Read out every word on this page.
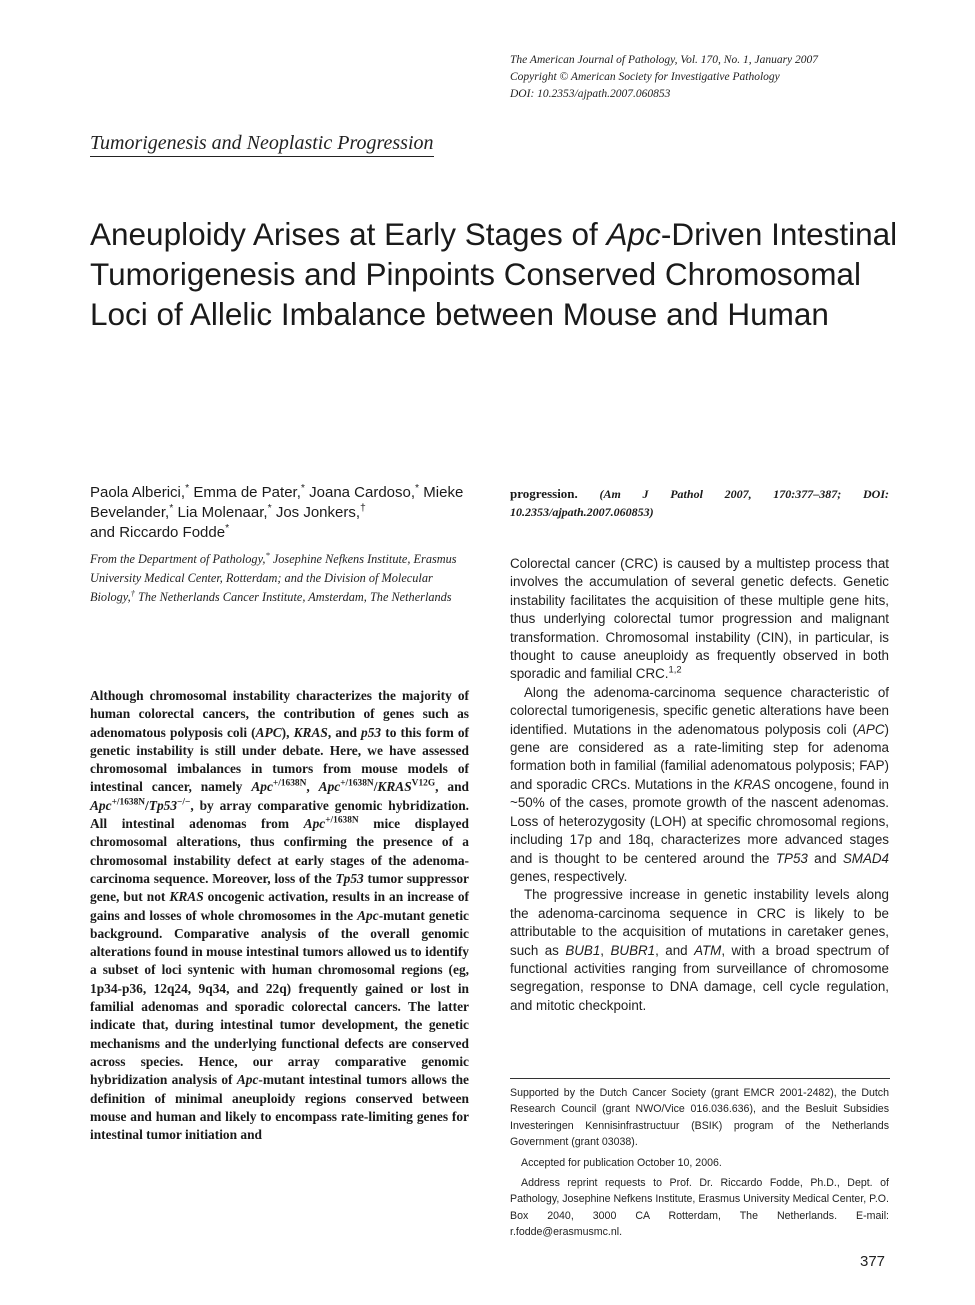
The American Journal of Pathology, Vol. 170, No. 1, January 2007
Copyright © American Society for Investigative Pathology
DOI: 10.2353/ajpath.2007.060853
Tumorigenesis and Neoplastic Progression
Aneuploidy Arises at Early Stages of Apc-Driven Intestinal Tumorigenesis and Pinpoints Conserved Chromosomal Loci of Allelic Imbalance between Mouse and Human
Paola Alberici,* Emma de Pater,* Joana Cardoso,* Mieke Bevelander,* Lia Molenaar,* Jos Jonkers,†
and Riccardo Fodde*
From the Department of Pathology,* Josephine Nefkens Institute, Erasmus University Medical Center, Rotterdam; and the Division of Molecular Biology,† The Netherlands Cancer Institute, Amsterdam, The Netherlands
Although chromosomal instability characterizes the majority of human colorectal cancers, the contribution of genes such as adenomatous polyposis coli (APC), KRAS, and p53 to this form of genetic instability is still under debate. Here, we have assessed chromosomal imbalances in tumors from mouse models of intestinal cancer, namely Apc$^{+/1638N}$, $Apc^{+/1638N}/KRAS^{V12G}$, and Apc$^{+/1638N}$/Tp53−/−, by array comparative genomic hybridization. All intestinal adenomas from Apc$^{+/1638N}$ mice displayed chromosomal alterations, thus confirming the presence of a chromosomal instability defect at early stages of the adenoma-carcinoma sequence. Moreover, loss of the Tp53 tumor suppressor gene, but not KRAS oncogenic activation, results in an increase of gains and losses of whole chromosomes in the Apc-mutant genetic background. Comparative analysis of the overall genomic alterations found in mouse intestinal tumors allowed us to identify a subset of loci syntenic with human chromosomal regions (eg, 1p34-p36, 12q24, 9q34, and 22q) frequently gained or lost in familial adenomas and sporadic colorectal cancers. The latter indicate that, during intestinal tumor development, the genetic mechanisms and the underlying functional defects are conserved across species. Hence, our array comparative genomic hybridization analysis of Apc-mutant intestinal tumors allows the definition of minimal aneuploidy regions conserved between mouse and human and likely to encompass rate-limiting genes for intestinal tumor initiation and
progression. (Am J Pathol 2007, 170:377–387; DOI: 10.2353/ajpath.2007.060853)

Colorectal cancer (CRC) is caused by a multistep process that involves the accumulation of several genetic defects. Genetic instability facilitates the acquisition of these multiple gene hits, thus underlying colorectal tumor progression and malignant transformation. Chromosomal instability (CIN), in particular, is thought to cause aneuploidy as frequently observed in both sporadic and familial CRC.$^{1,2}$

Along the adenoma-carcinoma sequence characteristic of colorectal tumorigenesis, specific genetic alterations have been identified. Mutations in the adenomatous polyposis coli (APC) gene are considered as a rate-limiting step for adenoma formation both in familial (familial adenomatous polyposis; FAP) and sporadic CRCs. Mutations in the KRAS oncogene, found in ~50% of the cases, promote growth of the nascent adenomas. Loss of heterozygosity (LOH) at specific chromosomal regions, including 17p and 18q, characterizes more advanced stages and is thought to be centered around the TP53 and SMAD4 genes, respectively.

The progressive increase in genetic instability levels along the adenoma-carcinoma sequence in CRC is likely to be attributable to the acquisition of mutations in caretaker genes, such as BUB1, BUBR1, and ATM, with a broad spectrum of functional activities ranging from surveillance of chromosome segregation, response to DNA damage, cell cycle regulation, and mitotic checkpoint.

Supported by the Dutch Cancer Society (grant EMCR 2001-2482), the Dutch Research Council (grant NWO/Vice 016.036.636), and the Besluit Subsidies Investeringen Kennisinfrastructuur (BSIK) program of the Netherlands Government (grant 03038).

Accepted for publication October 10, 2006.

Address reprint requests to Prof. Dr. Riccardo Fodde, Ph.D., Dept. of Pathology, Josephine Nefkens Institute, Erasmus University Medical Center, P.O. Box 2040, 3000 CA Rotterdam, The Netherlands. E-mail: r.fodde@erasmusmc.nl.

377
